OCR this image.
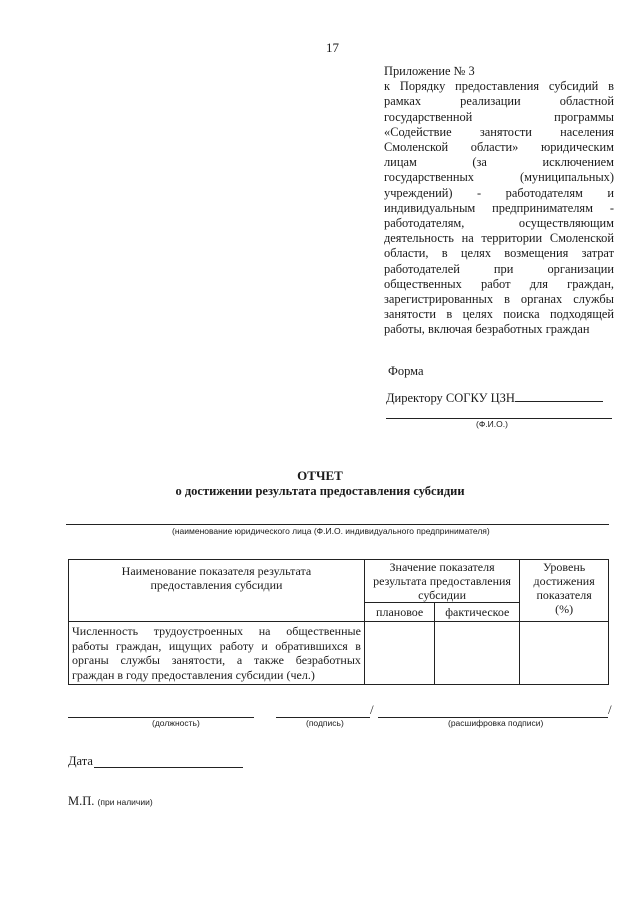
17
Приложение № 3
к Порядку предоставления субсидий в
рамках реализации областной
государственной программы
«Содействие занятости населения
Смоленской области» юридическим
лицам (за исключением
государственных (муниципальных)
учреждений) - работодателям и
индивидуальным предпринимателям -
работодателям, осуществляющим
деятельность на территории Смоленской
области, в целях возмещения затрат
работодателей при организации
общественных работ для граждан,
зарегистрированных в органах службы
занятости в целях поиска подходящей
работы, включая безработных граждан
Форма
Директору СОГКУ ЦЗН
(Ф.И.О.)
ОТЧЕТ
о достижении результата предоставления субсидии
(наименование юридического лица (Ф.И.О. индивидуального предпринимателя)
Наименование показателя результата предоставления субсидии	Значение показателя результата предоставления субсидии		Уровень достижения показателя (%)
	плановое	фактическое	
Численность трудоустроенных на общественные работы граждан, ищущих работу и обратившихся в органы службы занятости, а также безработных граждан в году предоставления субсидии (чел.)			
(должность)	(подпись)
/	/
(расшифровка подписи)
Дата
М.П. (при наличии)
